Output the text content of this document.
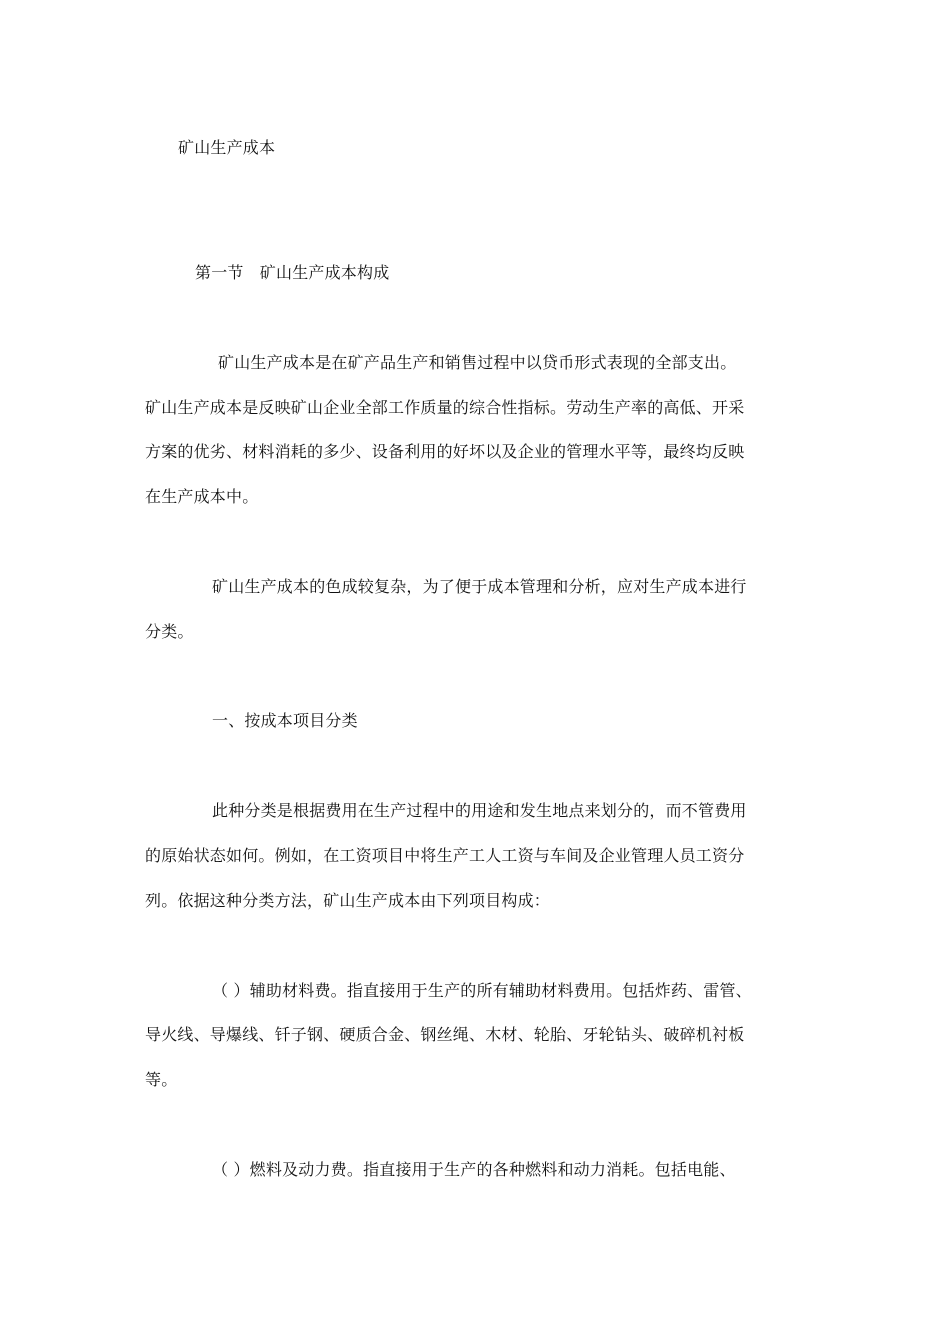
矿山生产成本
第一节　矿山生产成本构成
矿山生产成本是在矿产品生产和销售过程中以贷币形式表现的全部支出。
矿山生产成本是反映矿山企业全部工作质量的综合性指标。劳动生产率的高低、开采
方案的优劣、材料消耗的多少、设备利用的好坏以及企业的管理水平等，最终均反映
在生产成本中。
矿山生产成本的色成较复杂，为了便于成本管理和分析，应对生产成本进行
分类。
一、按成本项目分类
此种分类是根据费用在生产过程中的用途和发生地点来划分的，而不管费用
的原始状态如何。例如，在工资项目中将生产工人工资与车间及企业管理人员工资分
列。依据这种分类方法，矿山生产成本由下列项目构成：
（ ）辅助材料费。指直接用于生产的所有辅助材料费用。包括炸药、雷管、
导火线、导爆线、钎子钢、硬质合金、钢丝绳、木材、轮胎、牙轮钻头、破碎机衬板
等。
（ ）燃料及动力费。指直接用于生产的各种燃料和动力消耗。包括电能、
